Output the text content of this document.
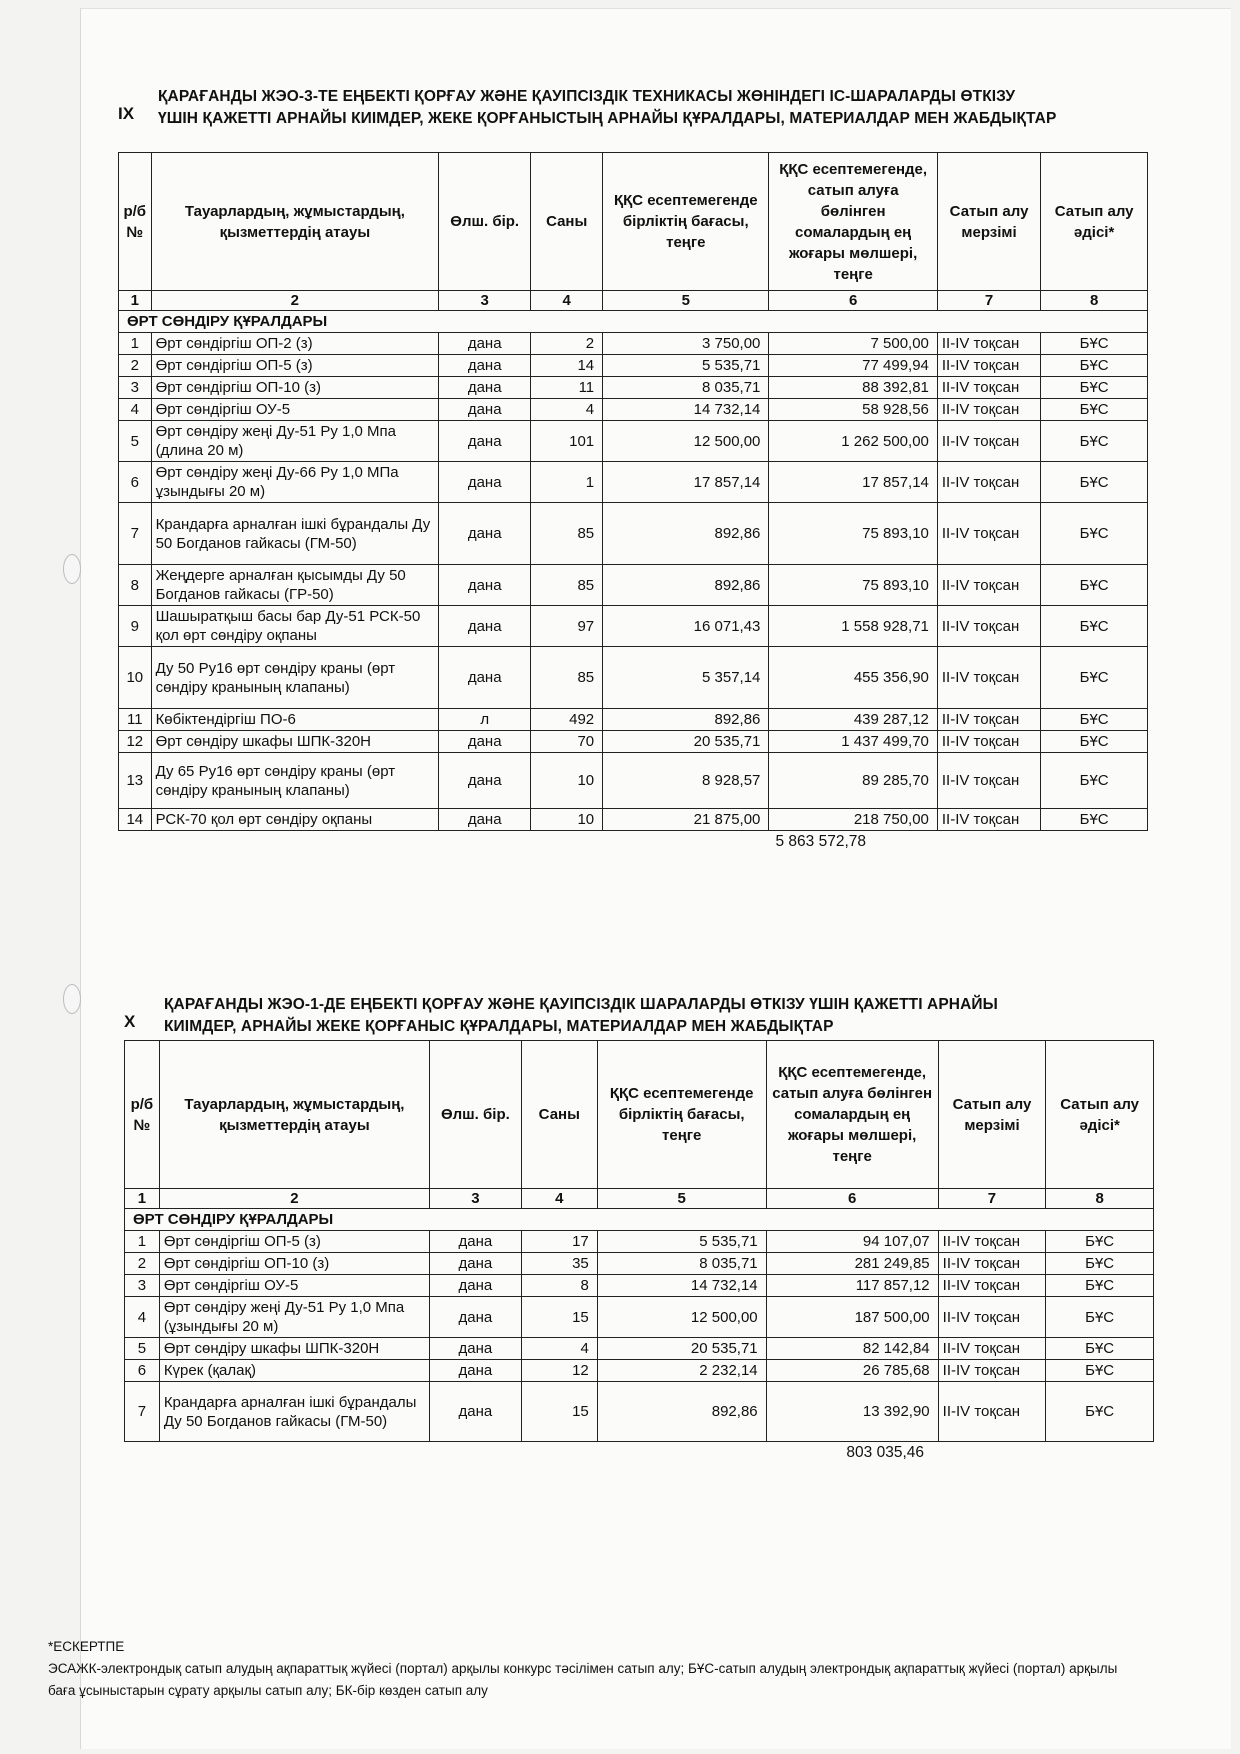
IX
ҚАРАҒАНДЫ ЖЭО-3-ТЕ ЕҢБЕКТІ ҚОРҒАУ ЖӘНЕ ҚАУІПСІЗДІК ТЕХНИКАСЫ ЖӨНІНДЕГІ ІС-ШАРАЛАРДЫ ӨТКІЗУ
ҮШІН ҚАЖЕТТІ АРНАЙЫ КИІМДЕР, ЖЕКЕ ҚОРҒАНЫСТЫҢ АРНАЙЫ ҚҰРАЛДАРЫ, МАТЕРИАЛДАР МЕН ЖАБДЫҚТАР
р/б №	Тауарлардың, жұмыстардың, қызметтердің атауы	Өлш. бір.	Саны	ҚҚС есептемегенде бірліктің бағасы, теңге	ҚҚС есептемегенде, сатып алуға бөлінген сомалардың ең жоғары мөлшері, теңге	Сатып алу мерзімі	Сатып алу әдісі*
1	2	3	4	5	6	7	8
ӨРТ СӨНДІРУ ҚҰРАЛДАРЫ							
1	Өрт сөндіргіш ОП-2 (з)	дана	2	3 750,00	7 500,00	II-IV тоқсан	БҰС
2	Өрт сөндіргіш ОП-5 (з)	дана	14	5 535,71	77 499,94	II-IV тоқсан	БҰС
3	Өрт сөндіргіш ОП-10 (з)	дана	11	8 035,71	88 392,81	II-IV тоқсан	БҰС
4	Өрт сөндіргіш ОУ-5	дана	4	14 732,14	58 928,56	II-IV тоқсан	БҰС
5	Өрт сөндіру жеңі Ду-51 Ру 1,0 Мпа (длина 20 м)	дана	101	12 500,00	1 262 500,00	II-IV тоқсан	БҰС
6	Өрт сөндіру жеңі Ду-66 Ру 1,0 МПа ұзындығы 20 м)	дана	1	17 857,14	17 857,14	II-IV тоқсан	БҰС
7	Крандарға арналған ішкі бұрандалы Ду 50 Богданов гайкасы (ГМ-50)	дана	85	892,86	75 893,10	II-IV тоқсан	БҰС
8	Жеңдерге арналған қысымды Ду 50 Богданов гайкасы (ГР-50)	дана	85	892,86	75 893,10	II-IV тоқсан	БҰС
9	Шашыратқыш басы бар Ду-51 РСК-50 қол өрт сөндіру оқпаны	дана	97	16 071,43	1 558 928,71	II-IV тоқсан	БҰС
10	Ду 50 Ру16 өрт сөндіру краны (өрт сөндіру кранының клапаны)	дана	85	5 357,14	455 356,90	II-IV тоқсан	БҰС
11	Көбіктендіргіш ПО-6	л	492	892,86	439 287,12	II-IV тоқсан	БҰС
12	Өрт сөндіру шкафы ШПК-320Н	дана	70	20 535,71	1 437 499,70	II-IV тоқсан	БҰС
13	Ду 65 Ру16 өрт сөндіру краны (өрт сөндіру кранының клапаны)	дана	10	8 928,57	89 285,70	II-IV тоқсан	БҰС
14	РСК-70 қол өрт сөндіру оқпаны	дана	10	21 875,00	218 750,00	II-IV тоқсан	БҰС
5 863 572,78
X
ҚАРАҒАНДЫ ЖЭО-1-ДЕ ЕҢБЕКТІ ҚОРҒАУ ЖӘНЕ ҚАУІПСІЗДІК ШАРАЛАРДЫ ӨТКІЗУ ҮШІН ҚАЖЕТТІ АРНАЙЫ
КИІМДЕР, АРНАЙЫ ЖЕКЕ ҚОРҒАНЫС ҚҰРАЛДАРЫ, МАТЕРИАЛДАР МЕН ЖАБДЫҚТАР
р/б №	Тауарлардың, жұмыстардың, қызметтердің атауы	Өлш. бір.	Саны	ҚҚС есептемегенде бірліктің бағасы, теңге	ҚҚС есептемегенде, сатып алуға бөлінген сомалардың ең жоғары мөлшері, теңге	Сатып алу мерзімі	Сатып алу әдісі*
1	2	3	4	5	6	7	8
ӨРТ СӨНДІРУ ҚҰРАЛДАРЫ							
1	Өрт сөндіргіш ОП-5 (з)	дана	17	5 535,71	94 107,07	II-IV тоқсан	БҰС
2	Өрт сөндіргіш ОП-10 (з)	дана	35	8 035,71	281 249,85	II-IV тоқсан	БҰС
3	Өрт сөндіргіш ОУ-5	дана	8	14 732,14	117 857,12	II-IV тоқсан	БҰС
4	Өрт сөндіру жеңі Ду-51 Ру 1,0 Мпа (ұзындығы 20 м)	дана	15	12 500,00	187 500,00	II-IV тоқсан	БҰС
5	Өрт сөндіру шкафы ШПК-320Н	дана	4	20 535,71	82 142,84	II-IV тоқсан	БҰС
6	Күрек (қалақ)	дана	12	2 232,14	26 785,68	II-IV тоқсан	БҰС
7	Крандарға арналған ішкі бұрандалы Ду 50 Богданов гайкасы (ГМ-50)	дана	15	892,86	13 392,90	II-IV тоқсан	БҰС
803 035,46
*ЕСКЕРТПЕ
ЭСАЖК-электрондық сатып алудың ақпараттық жүйесі (портал) арқылы конкурс тәсілімен сатып алу; БҰС-сатып алудың электрондық ақпараттық жүйесі (портал) арқылы баға ұсыныстарын сұрату арқылы сатып алу; БК-бір көзден сатып алу
